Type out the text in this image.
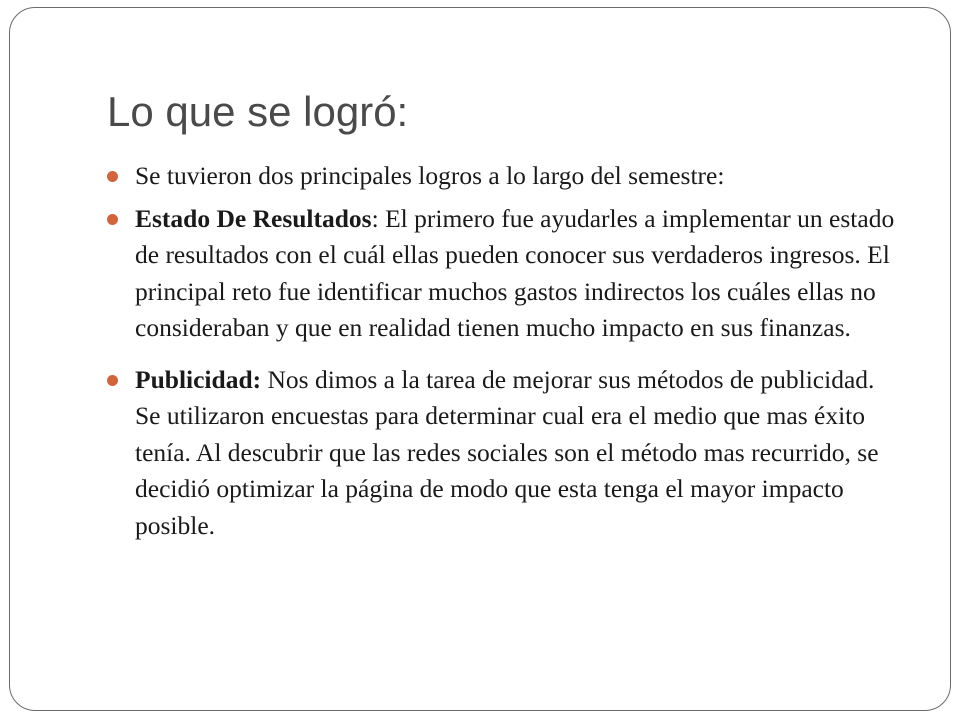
Lo que se logró:
Se tuvieron dos principales logros a lo largo del semestre:
Estado De Resultados: El primero fue ayudarles a implementar un estado de resultados con el cuál ellas pueden conocer sus verdaderos ingresos. El principal reto fue identificar muchos gastos indirectos los cuáles ellas no consideraban y que en realidad tienen mucho impacto en sus finanzas.
Publicidad: Nos dimos a la tarea de mejorar sus métodos de publicidad. Se utilizaron encuestas para determinar cual era el medio que mas éxito tenía. Al descubrir que las redes sociales son el método mas recurrido, se decidió optimizar la página de modo que esta tenga el mayor impacto posible.
